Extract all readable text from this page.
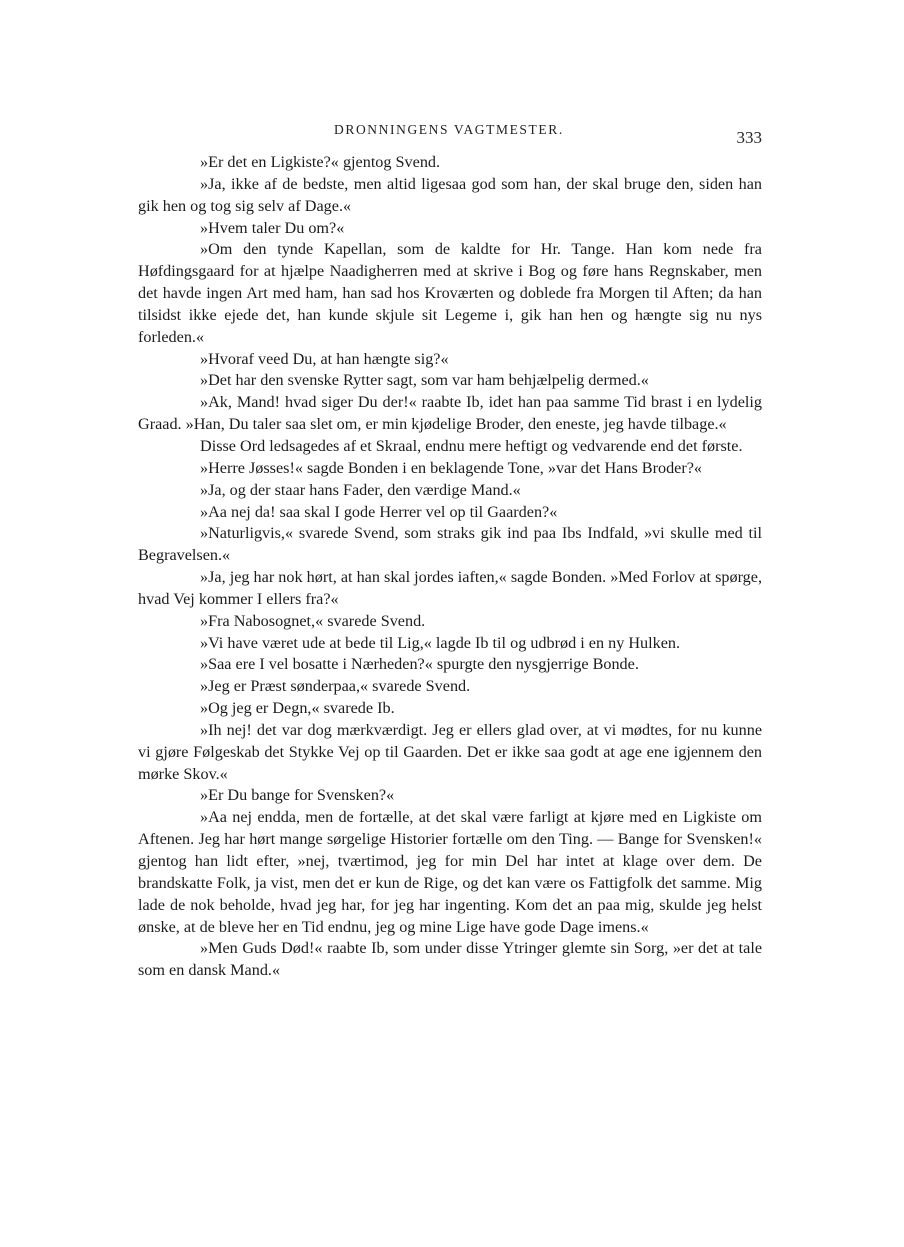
DRONNINGENS VAGTMESTER.	333

»Er det en Ligkiste?« gjentog Svend.

»Ja, ikke af de bedste, men altid ligesaa god som han, der skal bruge den, siden han gik hen og tog sig selv af Dage.«

»Hvem taler Du om?«

»Om den tynde Kapellan, som de kaldte for Hr. Tange. Han kom nede fra Høfdingsgaard for at hjælpe Naadigherren med at skrive i Bog og føre hans Regnskaber, men det havde ingen Art med ham, han sad hos Kroværten og doblede fra Morgen til Aften; da han tilsidst ikke ejede det, han kunde skjule sit Legeme i, gik han hen og hængte sig nu nys forleden.«

»Hvoraf veed Du, at han hængte sig?«

»Det har den svenske Rytter sagt, som var ham behjælpelig dermed.«

»Ak, Mand! hvad siger Du der!« raabte Ib, idet han paa samme Tid brast i en lydelig Graad. »Han, Du taler saa slet om, er min kjødelige Broder, den eneste, jeg havde tilbage.«

Disse Ord ledsagedes af et Skraal, endnu mere heftigt og vedvarende end det første.

»Herre Jøsses!« sagde Bonden i en beklagende Tone, »var det Hans Broder?«

»Ja, og der staar hans Fader, den værdige Mand.«

»Aa nej da! saa skal I gode Herrer vel op til Gaarden?«

»Naturligvis,« svarede Svend, som straks gik ind paa Ibs Indfald, »vi skulle med til Begravelsen.«

»Ja, jeg har nok hørt, at han skal jordes iaften,« sagde Bonden. »Med Forlov at spørge, hvad Vej kommer I ellers fra?«

»Fra Nabosognet,« svarede Svend.

»Vi have været ude at bede til Lig,« lagde Ib til og udbrød i en ny Hulken.

»Saa ere I vel bosatte i Nærheden?« spurgte den nysgjerrige Bonde.

»Jeg er Præst sønderpaa,« svarede Svend.

»Og jeg er Degn,« svarede Ib.

»Ih nej! det var dog mærkværdigt. Jeg er ellers glad over, at vi mødtes, for nu kunne vi gjøre Følgeskab det Stykke Vej op til Gaarden. Det er ikke saa godt at age ene igjennem den mørke Skov.«

»Er Du bange for Svensken?«

»Aa nej endda, men de fortælle, at det skal være farligt at kjøre med en Ligkiste om Aftenen. Jeg har hørt mange sørgelige Historier fortælle om den Ting. — Bange for Svensken!« gjentog han lidt efter, »nej, tværtimod, jeg for min Del har intet at klage over dem. De brandskatte Folk, ja vist, men det er kun de Rige, og det kan være os Fattigfolk det samme. Mig lade de nok beholde, hvad jeg har, for jeg har ingenting. Kom det an paa mig, skulde jeg helst ønske, at de bleve her en Tid endnu, jeg og mine Lige have gode Dage imens.«

»Men Guds Død!« raabte Ib, som under disse Ytringer glemte sin Sorg, »er det at tale som en dansk Mand.«
